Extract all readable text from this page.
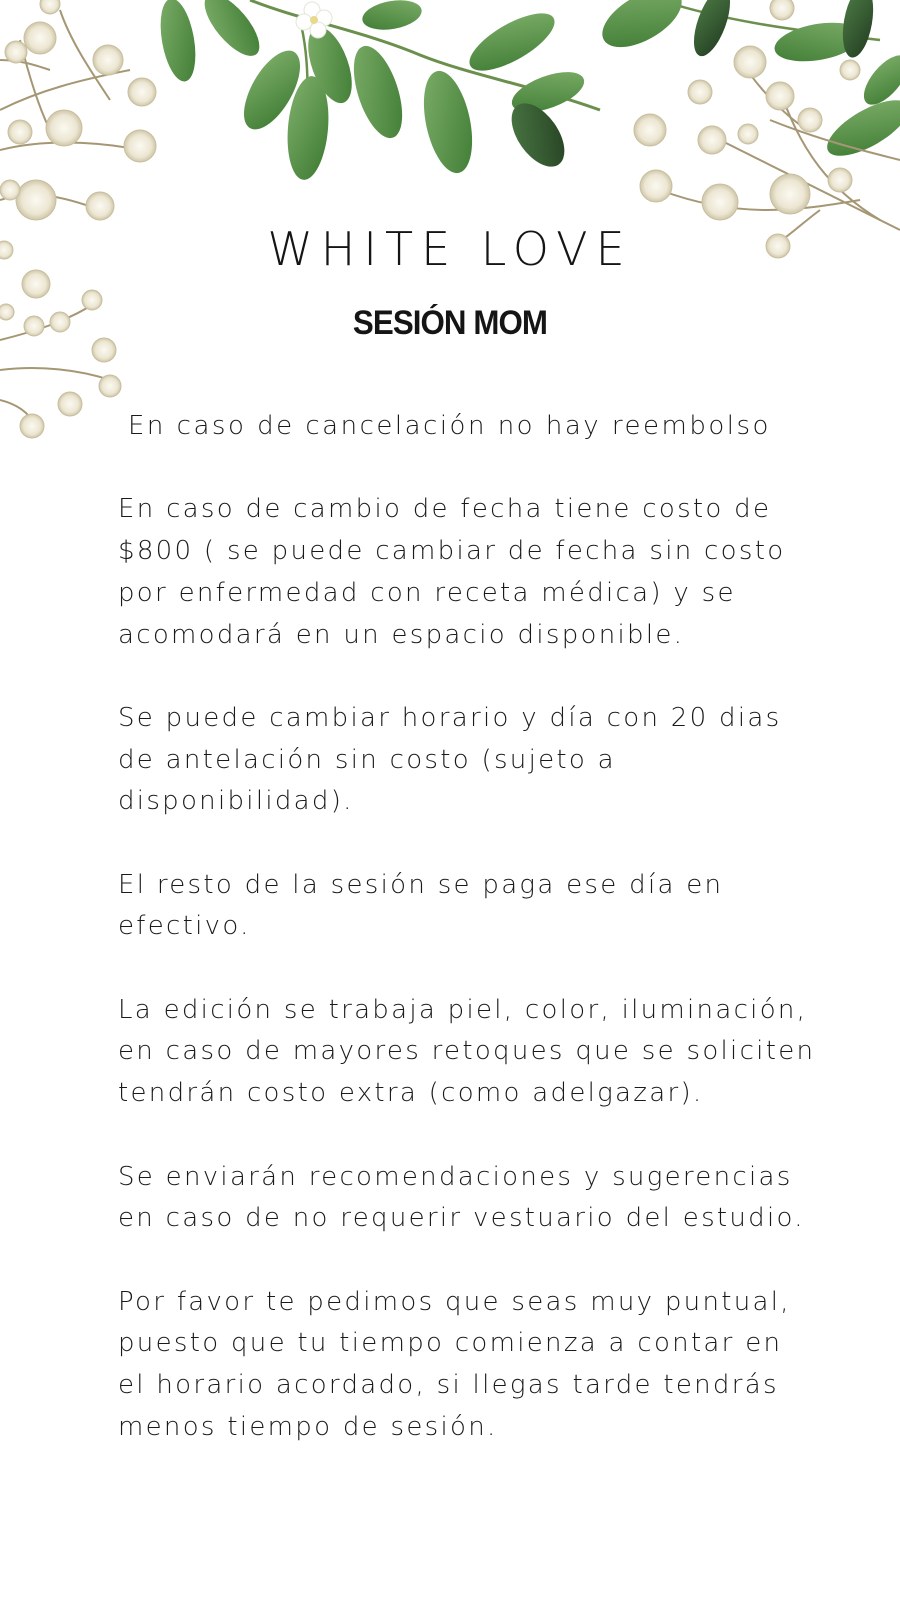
WHITE LOVE
SESIÓN MOM

En caso de cancelación no hay reembolso

En caso de cambio de fecha tiene costo de $800 ( se puede cambiar de fecha sin costo por enfermedad con receta médica) y se acomodará en un espacio disponible.

Se puede cambiar horario y día con 20 dias de antelación sin costo (sujeto a disponibilidad).

El resto de la sesión se paga ese día en efectivo.

La edición se trabaja piel, color, iluminación, en caso de mayores retoques que se soliciten tendrán costo extra (como adelgazar).

Se enviarán recomendaciones y sugerencias en caso de no requerir vestuario del estudio.

Por favor te pedimos que seas muy puntual, puesto que tu tiempo comienza a contar en el horario acordado, si llegas tarde tendrás menos tiempo de sesión.
